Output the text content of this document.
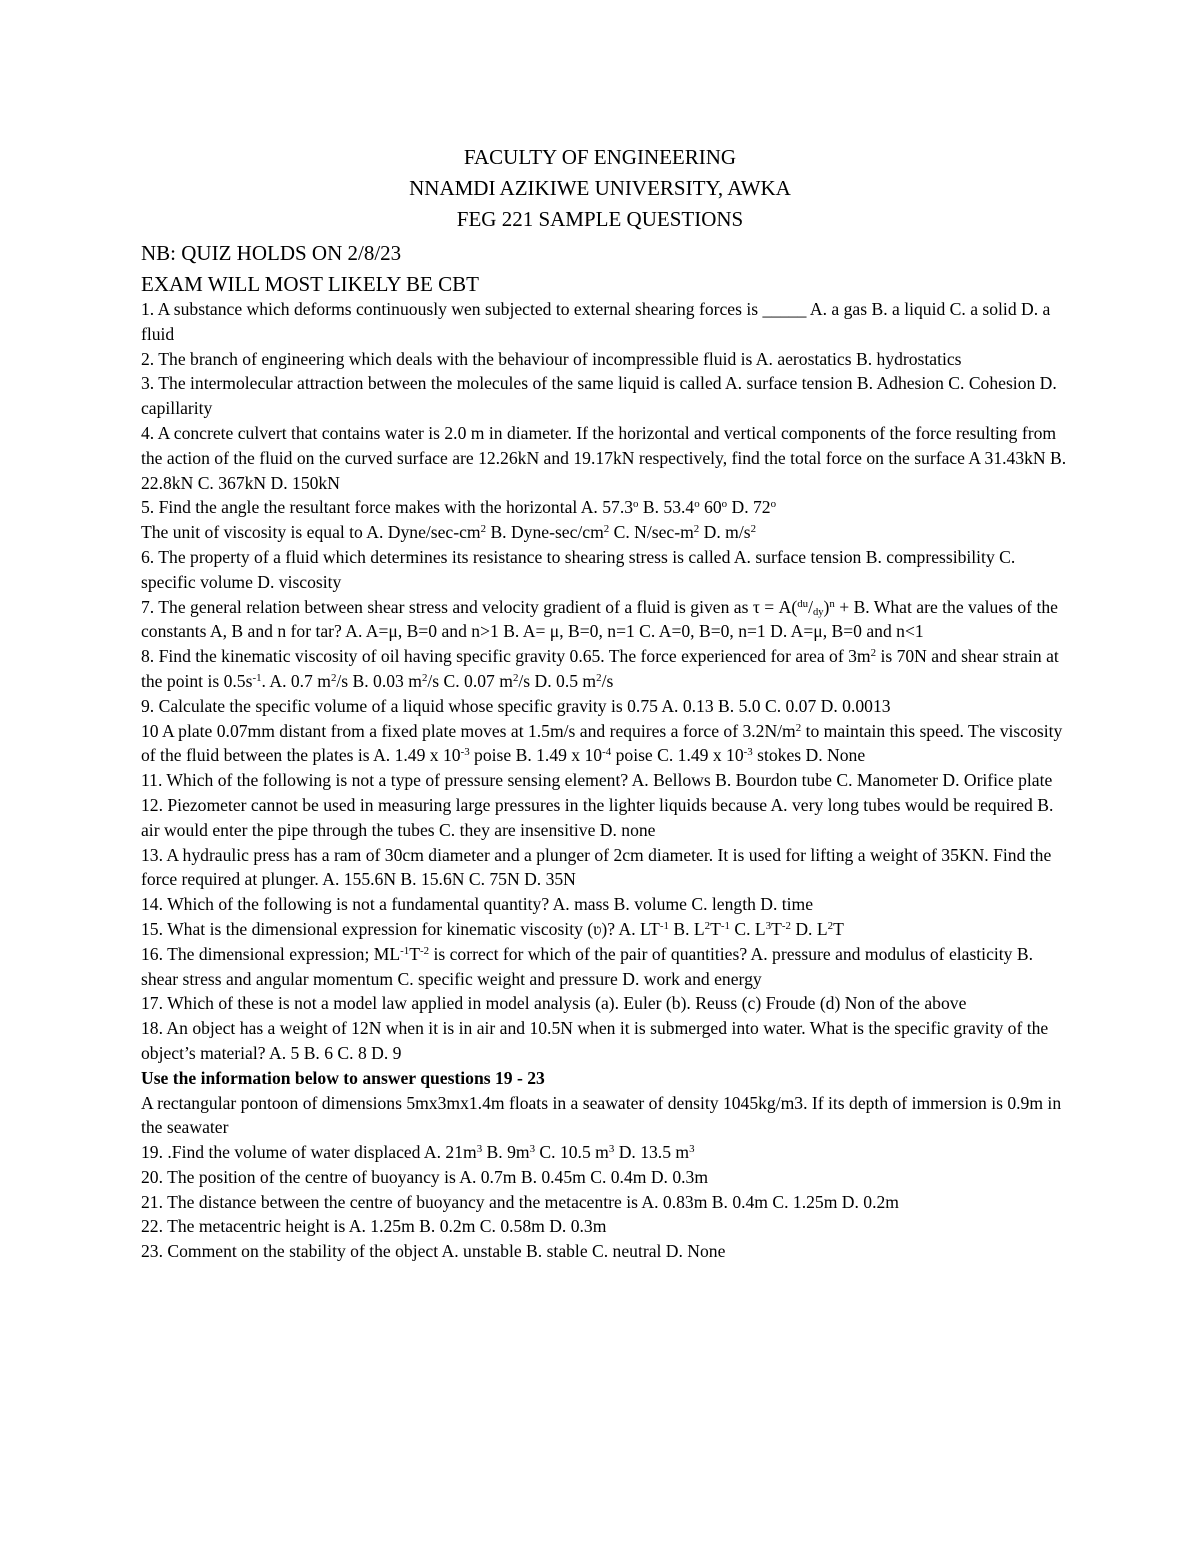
FACULTY OF ENGINEERING
NNAMDI AZIKIWE UNIVERSITY, AWKA
FEG 221 SAMPLE QUESTIONS
NB: QUIZ HOLDS ON 2/8/23
EXAM WILL MOST LIKELY BE CBT

1. A substance which deforms continuously wen subjected to external shearing forces is _____ A. a gas B. a liquid C. a solid D. a fluid

2. The branch of engineering which deals with the behaviour of incompressible fluid is A. aerostatics B. hydrostatics

3. The intermolecular attraction between the molecules of the same liquid is called A. surface tension B. Adhesion C. Cohesion D. capillarity

4. A concrete culvert that contains water is 2.0 m in diameter. If the horizontal and vertical components of the force resulting from the action of the fluid on the curved surface are 12.26kN and 19.17kN respectively, find the total force on the surface A 31.43kN B. 22.8kN C. 367kN D. 150kN

5. Find the angle the resultant force makes with the horizontal A. 57.3$^o$ B. 53.4$^o$ 60$^o$ D. 72$^o$

The unit of viscosity is equal to A. Dyne/$\sec-cm^2$ B. Dyne-$\sec/cm^2$ C. $N/\sec-m^2$ D. $m/s^2$

6. The property of a fluid which determines its resistance to shearing stress is called A. surface tension B. compressibility C. specific volume D. viscosity

7. The general relation between shear stress and velocity gradient of a fluid is given as $\tau = A(^{du}/_{dy})^n + B$. What are the values of the constants A, B and n for tar? A. A=μ, B=0 and n>1 B. A= μ, B=0, n=1 C. A=0, B=0, n=1 D. A=μ, B=0 and n<1

8. Find the kinematic viscosity of oil having specific gravity 0.65. The force experienced for area of $3m^2$ is 70N and shear strain at the point is $0.5s^{-1}$. A. 0.7 $m^2/s$ B. 0.03 $m^2/s$ C. 0.07 $m^2/s$ D. 0.5 $m^2/s$

9. Calculate the specific volume of a liquid whose specific gravity is 0.75 A. 0.13 B. 5.0 C. 0.07 D. 0.0013

10 A plate 0.07mm distant from a fixed plate moves at 1.5m/s and requires a force of $3.2N/m^2$ to maintain this speed. The viscosity of the fluid between the plates is A. 1.49 x $10^{-3}$ poise B. 1.49 x $10^{-4}$ poise C. 1.49 x $10^{-3}$ stokes D. None

11. Which of the following is not a type of pressure sensing element? A. Bellows B. Bourdon tube C. Manometer D. Orifice plate

12. Piezometer cannot be used in measuring large pressures in the lighter liquids because A. very long tubes would be required B. air would enter the pipe through the tubes C. they are insensitive D. none

13. A hydraulic press has a ram of 30cm diameter and a plunger of 2cm diameter. It is used for lifting a weight of 35KN. Find the force required at plunger. A. 155.6N B. 15.6N C. 75N D. 35N

14. Which of the following is not a fundamental quantity? A. mass B. volume C. length D. time

15. What is the dimensional expression for kinematic viscosity (ʋ)? A. $LT^{-1}$ B. $L^2T^{-1}$ C. $L^3T^{-2}$ D. $L^2T$

16. The dimensional expression; $ML^{-1}T^{-2}$ is correct for which of the pair of quantities? A. pressure and modulus of elasticity B. shear stress and angular momentum C. specific weight and pressure D. work and energy

17. Which of these is not a model law applied in model analysis (a). Euler (b). Reuss (c) Froude (d) Non of the above

18. An object has a weight of 12N when it is in air and 10.5N when it is submerged into water. What is the specific gravity of the object’s material? A. 5 B. 6 C. 8 D. 9

Use the information below to answer questions 19 - 23

A rectangular pontoon of dimensions 5mx3mx1.4m floats in a seawater of density 1045kg/m3. If its depth of immersion is 0.9m in the seawater

19. .Find the volume of water displaced A. $21m^3$ B. $9m^3$ C. 10.5 $m^3$ D. 13.5 $m^3$

20. The position of the centre of buoyancy is A. 0.7m B. 0.45m C. 0.4m D. 0.3m

21. The distance between the centre of buoyancy and the metacentre is A. 0.83m B. 0.4m C. 1.25m D. 0.2m

22. The metacentric height is A. 1.25m B. 0.2m C. 0.58m D. 0.3m

23. Comment on the stability of the object A. unstable B. stable C. neutral D. None
